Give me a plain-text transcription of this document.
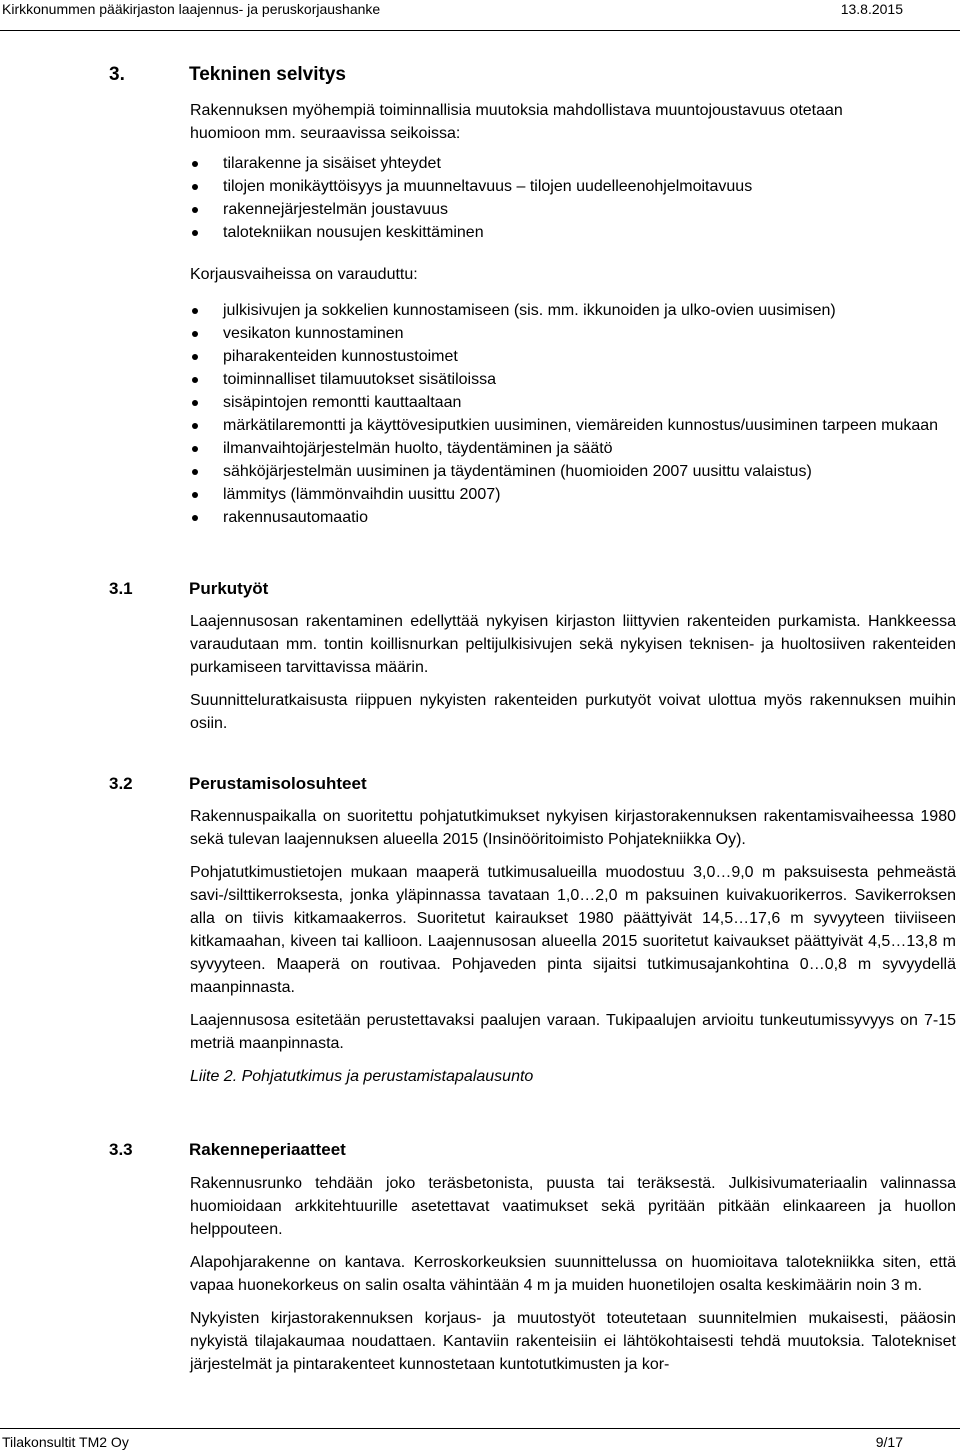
Kirkkonummen pääkirjaston laajennus- ja peruskorjaushanke	13.8.2015
3.	Tekninen selvitys

Rakennuksen myöhempiä toiminnallisia muutoksia mahdollistava muuntojoustavuus otetaan

huomioon mm. seuraavissa seikoissa:

tilarakenne ja sisäiset yhteydet
tilojen monikäyttöisyys ja muunneltavuus – tilojen uudelleenohjelmoitavuus
rakennejärjestelmän joustavuus
talotekniikan nousujen keskittäminen

Korjausvaiheissa on varauduttu:

julkisivujen ja sokkelien kunnostamiseen (sis. mm. ikkunoiden ja ulko-ovien uusimisen)
vesikaton kunnostaminen
piharakenteiden kunnostustoimet
toiminnalliset tilamuutokset sisätiloissa
sisäpintojen remontti kauttaaltaan
märkätilaremontti ja käyttövesiputkien uusiminen, viemäreiden kunnostus/uusiminen tarpeen mukaan
ilmanvaihtojärjestelmän huolto, täydentäminen ja säätö
sähköjärjestelmän uusiminen ja täydentäminen (huomioiden 2007 uusittu valaistus)
lämmitys (lämmönvaihdin uusittu 2007)
rakennusautomaatio
3.1	Purkutyöt

Laajennusosan rakentaminen edellyttää nykyisen kirjaston liittyvien rakenteiden purkamista. Hankkeessa varaudutaan mm. tontin koillisnurkan peltijulkisivujen sekä nykyisen teknisen- ja huoltosiiven rakenteiden purkamiseen tarvittavissa määrin.

Suunnitteluratkaisusta riippuen nykyisten rakenteiden purkutyöt voivat ulottua myös rakennuksen muihin osiin.

3.2	Perustamisolosuhteet

Rakennuspaikalla on suoritettu pohjatutkimukset nykyisen kirjastorakennuksen rakentamisvaiheessa 1980 sekä tulevan laajennuksen alueella 2015 (Insinööritoimisto Pohjatekniikka Oy).

Pohjatutkimustietojen mukaan maaperä tutkimusalueilla muodostuu 3,0…9,0 m paksuisesta pehmeästä savi-/silttikerroksesta, jonka yläpinnassa tavataan 1,0…2,0 m paksuinen kuivakuorikerros. Savikerroksen alla on tiivis kitkamaakerros. Suoritetut kairaukset 1980 päättyivät 14,5…17,6 m syvyyteen tiiviiseen kitkamaahan, kiveen tai kallioon. Laajennusosan alueella 2015 suoritetut kaivaukset päättyivät 4,5…13,8 m syvyyteen. Maaperä on routivaa. Pohjaveden pinta sijaitsi tutkimusajankohtina 0…0,8 m syvyydellä maanpinnasta.

Laajennusosa esitetään perustettavaksi paalujen varaan. Tukipaalujen arvioitu tunkeutumissyvyys on 7-15 metriä maanpinnasta.

Liite 2. Pohjatutkimus ja perustamistapalausunto

3.3	Rakenneperiaatteet

Rakennusrunko tehdään joko teräsbetonista, puusta tai teräksestä. Julkisivumateriaalin valinnassa huomioidaan arkkitehtuurille asetettavat vaatimukset sekä pyritään pitkään elinkaareen ja huollon helppouteen.

Alapohjarakenne on kantava. Kerroskorkeuksien suunnittelussa on huomioitava talotekniikka siten, että vapaa huonekorkeus on salin osalta vähintään 4 m ja muiden huonetilojen osalta keskimäärin noin 3 m.

Nykyisten kirjastorakennuksen korjaus- ja muutostyöt toteutetaan suunnitelmien mukaisesti, pääosin nykyistä tilajakaumaa noudattaen. Kantaviin rakenteisiin ei lähtökohtaisesti tehdä muutoksia. Talotekniset järjestelmät ja pintarakenteet kunnostetaan kuntotutkimusten ja kor-

Tilakonsultit TM2 Oy	9/17
